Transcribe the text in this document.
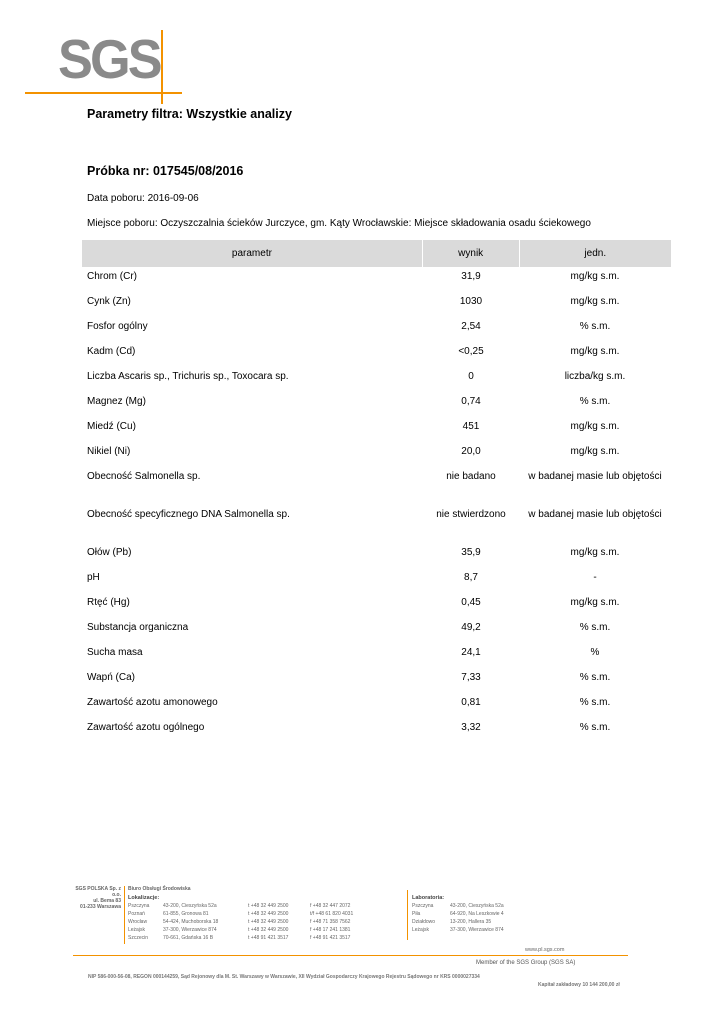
SGS
Parametry filtra: Wszystkie analizy
Próbka nr: 017545/08/2016
Data poboru: 2016-09-06
Miejsce poboru: Oczyszczalnia ścieków Jurczyce, gm. Kąty Wrocławskie: Miejsce składowania osadu ściekowego
parametr	wynik	jedn.
Chrom (Cr)	31,9	mg/kg s.m.
Cynk (Zn)	1030	mg/kg s.m.
Fosfor ogólny	2,54	% s.m.
Kadm (Cd)	<0,25	mg/kg s.m.
Liczba Ascaris sp., Trichuris sp., Toxocara sp.	0	liczba/kg s.m.
Magnez (Mg)	0,74	% s.m.
Miedź (Cu)	451	mg/kg s.m.
Nikiel (Ni)	20,0	mg/kg s.m.
Obecność Salmonella sp.	nie badano	w badanej masie lub objętości
Obecność specyficznego DNA Salmonella sp.	nie stwierdzono	w badanej masie lub objętości
Ołów (Pb)	35,9	mg/kg s.m.
pH	8,7	-
Rtęć (Hg)	0,45	mg/kg s.m.
Substancja organiczna	49,2	% s.m.
Sucha masa	24,1	%
Wapń (Ca)	7,33	% s.m.
Zawartość azotu amonowego	0,81	% s.m.
Zawartość azotu ogólnego	3,32	% s.m.
SGS POLSKA Sp. z o.o.
ul. Bema 83
01-233 Warszawa
Biuro Obsługi Środowiska
Lokalizacje:
Pszczyna	43-200, Cieszyńska 52a	t +48 32 449 2500	f +48 32 447 2072
Poznań	61-855, Gronowa 81	t +48 32 449 2500	t/f +48 61 820 4031
Wrocław	54-424, Muchoborska 18	t +48 32 449 2500	f +48 71 358 7562
Leżajsk	37-300, Wierzawice 874	t +48 32 449 2500	f +48 17 241 1381
Szczecin	70-661, Gdańska 16 B	t +48 91 421 3517	f +48 91 421 3517
Laboratoria:
Pszczyna	43-200, Cieszyńska 52a
Piła	64-920, Na Leszkowie 4
Działdowo	13-200, Hallera 35
Leżajsk	37-300, Wierzawice 874
www.pl.sgs.com
Member of the SGS Group (SGS SA)
NIP 586-000-56-08, REGON 000144259, Sąd Rejonowy dla M. St. Warszawy w Warszawie, XII Wydział Gospodarczy Krajowego Rejestru Sądowego nr KRS 0000027334
Kapitał zakładowy 10 144 200,00 zł
